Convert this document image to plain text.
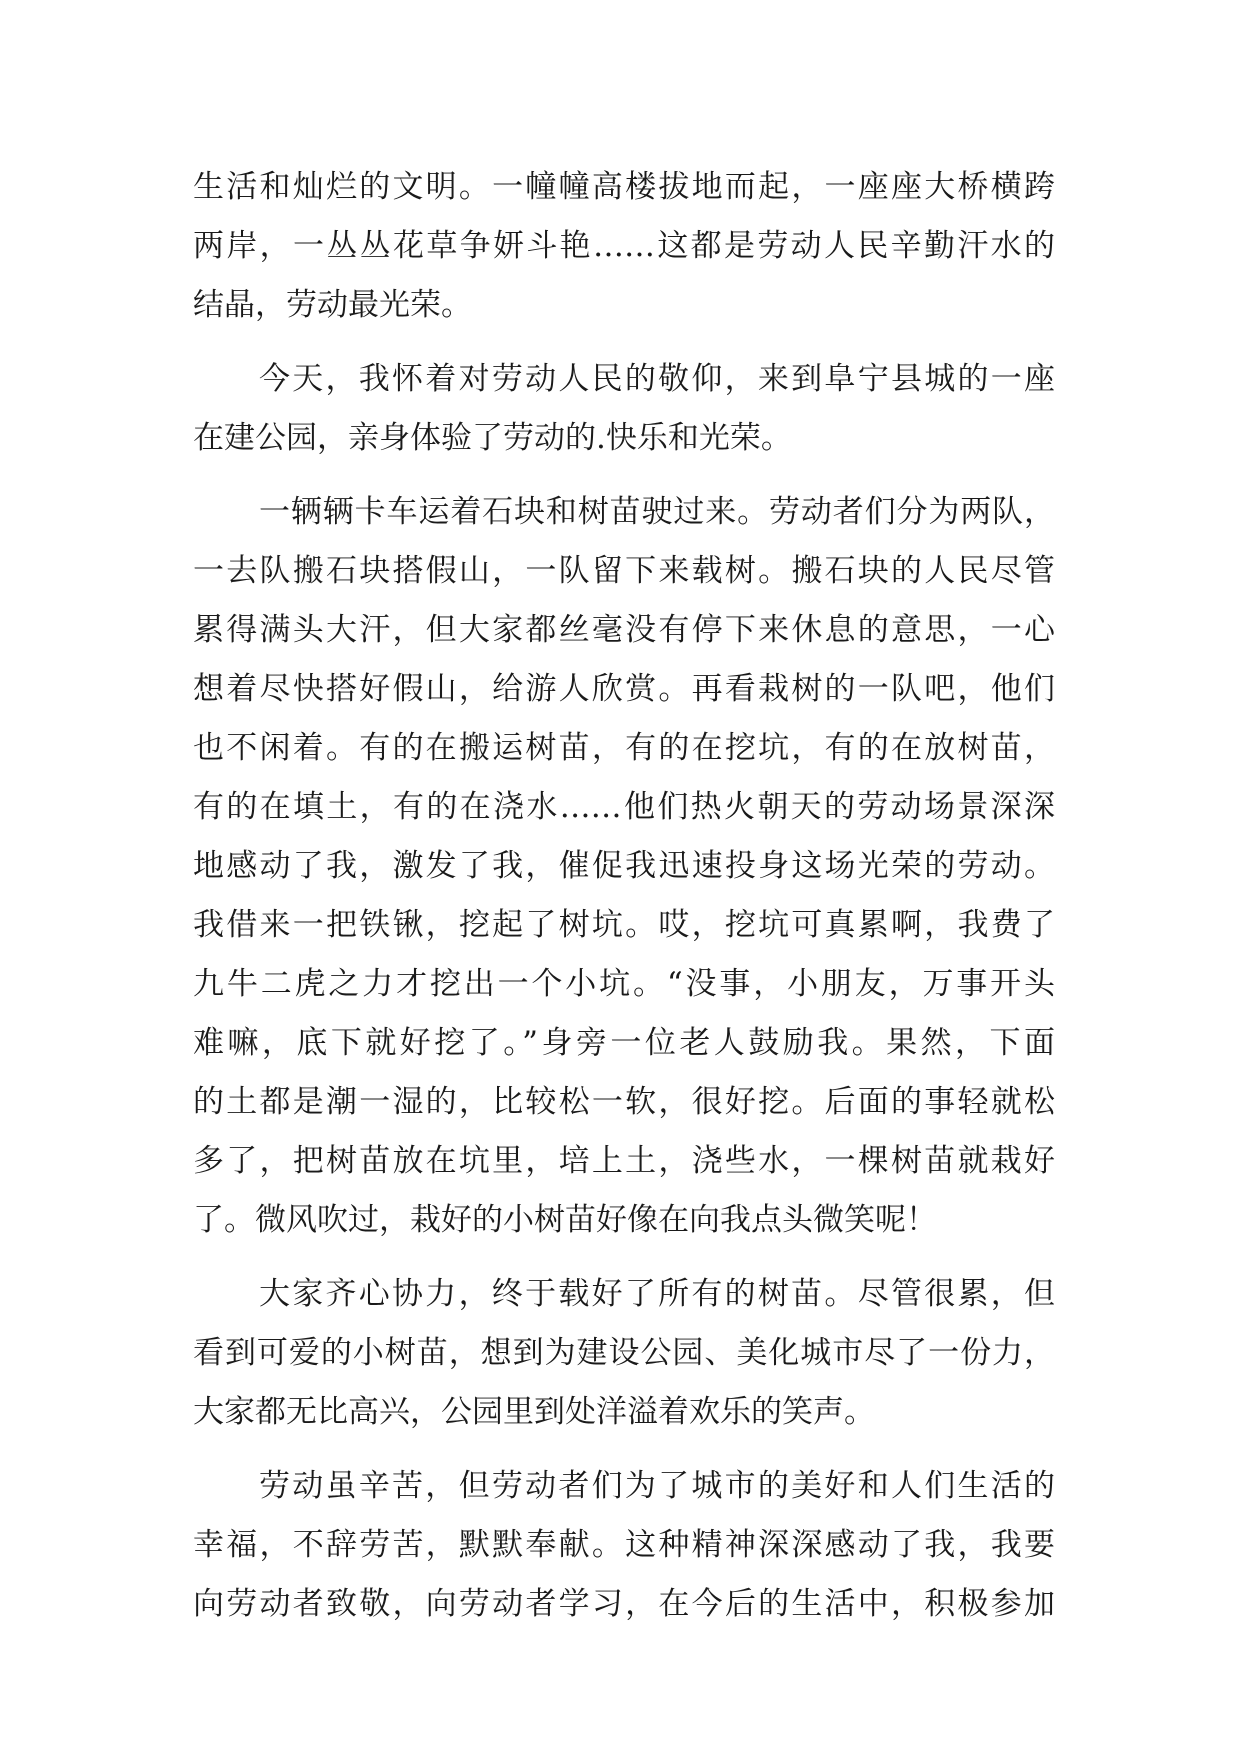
生活和灿烂的文明。一幢幢高楼拔地而起，一座座大桥横跨
两岸，一丛丛花草争妍斗艳……这都是劳动人民辛勤汗水的
结晶，劳动最光荣。
今天，我怀着对劳动人民的敬仰，来到阜宁县城的一座
在建公园，亲身体验了劳动的.快乐和光荣。
一辆辆卡车运着石块和树苗驶过来。劳动者们分为两队，
一去队搬石块搭假山，一队留下来载树。搬石块的人民尽管
累得满头大汗，但大家都丝毫没有停下来休息的意思，一心
想着尽快搭好假山，给游人欣赏。再看栽树的一队吧，他们
也不闲着。有的在搬运树苗，有的在挖坑，有的在放树苗，
有的在填土，有的在浇水……他们热火朝天的劳动场景深深
地感动了我，激发了我，催促我迅速投身这场光荣的劳动。
我借来一把铁锹，挖起了树坑。哎，挖坑可真累啊，我费了
九牛二虎之力才挖出一个小坑。“没事，小朋友，万事开头
难嘛，底下就好挖了。”身旁一位老人鼓励我。果然，下面
的土都是潮一湿的，比较松一软，很好挖。后面的事轻就松
多了，把树苗放在坑里，培上土，浇些水，一棵树苗就栽好
了。微风吹过，栽好的小树苗好像在向我点头微笑呢！
大家齐心协力，终于载好了所有的树苗。尽管很累，但
看到可爱的小树苗，想到为建设公园、美化城市尽了一份力，
大家都无比高兴，公园里到处洋溢着欢乐的笑声。
劳动虽辛苦，但劳动者们为了城市的美好和人们生活的
幸福，不辞劳苦，默默奉献。这种精神深深感动了我，我要
向劳动者致敬，向劳动者学习，在今后的生活中，积极参加
